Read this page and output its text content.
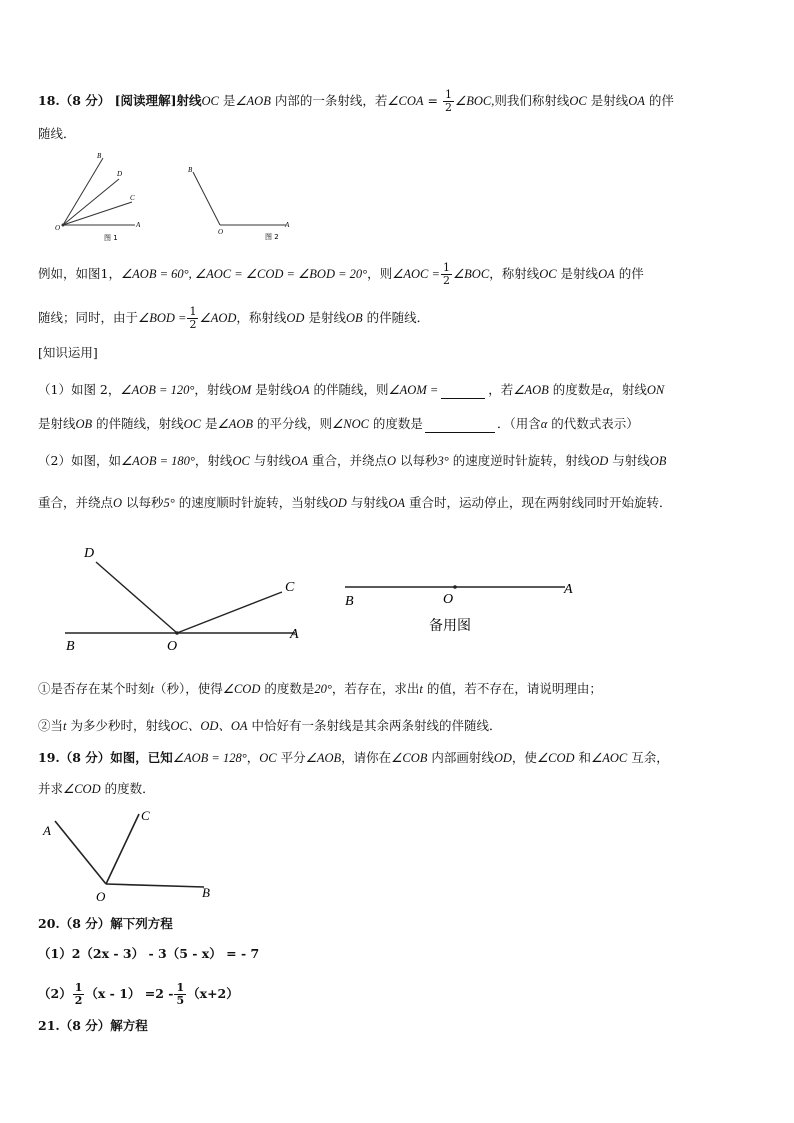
18.（8 分） [阅读理解]射线OC 是∠AOB 内部的一条射线，若∠COA = $\frac{1}{2}$ ∠BOC,则我们称射线OC 是射线OA 的伴
随线．
B
D
C
O	A
图 1
B
O
A
图 2
例如，如图1，∠AOB = 60°, ∠AOC = ∠COD = ∠BOD = 20°，则∠AOC = $\frac{1}{2}$ ∠BOC，称射线OC 是射线OA 的伴
随线；同时，由于∠BOD = $\frac{1}{2}$ ∠AOD，称射线OD 是射线OB 的伴随线．
[知识运用]
（1）如图 2，∠AOB = 120°，射线OM 是射线OA 的伴随线，则∠AOM =	，若∠AOB 的度数是α，射线ON
是射线OB 的伴随线，射线OC 是∠AOB 的平分线，则∠NOC 的度数是	．（用含α 的代数式表示）
（2）如图，如∠AOB = 180°，射线OC 与射线OA 重合，并绕点O 以每秒3° 的速度逆时针旋转，射线OD 与射线OB
重合，并绕点O 以每秒5° 的速度顺时针旋转，当射线OD 与射线OA 重合时，运动停止，现在两射线同时开始旋转．
D
C
B	O
A
B	O
A
备用图
①是否存在某个时刻t（秒），使得∠COD 的度数是20°，若存在，求出t 的值，若不存在，请说明理由；
②当t 为多少秒时，射线OC、OD、OA 中恰好有一条射线是其余两条射线的伴随线．
19.（8 分）如图，已知∠AOB = 128°，OC 平分∠AOB，请你在∠COB 内部画射线OD，使∠COD 和∠AOC 互余，
并求∠COD 的度数．
A
C
O	B
20.（8 分）解下列方程
（1）2（2x - 3） - 3（5 - x） = - 7
$(2) \frac{1}{2} (x - 1) =2 - \frac{1}{5} (x+2)$
21.（8 分）解方程
